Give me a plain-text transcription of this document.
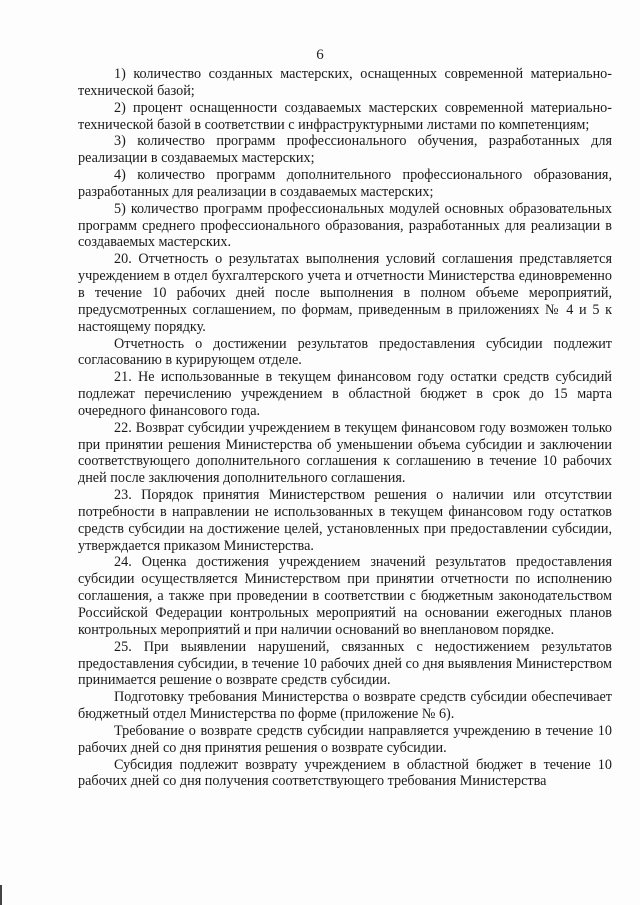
6

1) количество созданных мастерских, оснащенных современной материально-технической базой;

2) процент оснащенности создаваемых мастерских современной материально-технической базой в соответствии с инфраструктурными листами по компетенциям;

3) количество программ профессионального обучения, разработанных для реализации в создаваемых мастерских;

4) количество программ дополнительного профессионального образования, разработанных для реализации в создаваемых мастерских;

5) количество программ профессиональных модулей основных образовательных программ среднего профессионального образования, разработанных для реализации в создаваемых мастерских.

20. Отчетность о результатах выполнения условий соглашения представляется учреждением в отдел бухгалтерского учета и отчетности Министерства единовременно в течение 10 рабочих дней после выполнения в полном объеме мероприятий, предусмотренных соглашением, по формам, приведенным в приложениях № 4 и 5 к настоящему порядку.

Отчетность о достижении результатов предоставления субсидии подлежит согласованию в курирующем отделе.

21. Не использованные в текущем финансовом году остатки средств субсидий подлежат перечислению учреждением в областной бюджет в срок до 15 марта очередного финансового года.

22. Возврат субсидии учреждением в текущем финансовом году возможен только при принятии решения Министерства об уменьшении объема субсидии и заключении соответствующего дополнительного соглашения к соглашению в течение 10 рабочих дней после заключения дополнительного соглашения.

23. Порядок принятия Министерством решения о наличии или отсутствии потребности в направлении не использованных в текущем финансовом году остатков средств субсидии на достижение целей, установленных при предоставлении субсидии, утверждается приказом Министерства.

24. Оценка достижения учреждением значений результатов предоставления субсидии осуществляется Министерством при принятии отчетности по исполнению соглашения, а также при проведении в соответствии с бюджетным законодательством Российской Федерации контрольных мероприятий на основании ежегодных планов контрольных мероприятий и при наличии оснований во внеплановом порядке.

25. При выявлении нарушений, связанных с недостижением результатов предоставления субсидии, в течение 10 рабочих дней со дня выявления Министерством принимается решение о возврате средств субсидии.

Подготовку требования Министерства о возврате средств субсидии обеспечивает бюджетный отдел Министерства по форме (приложение № 6).

Требование о возврате средств субсидии направляется учреждению в течение 10 рабочих дней со дня принятия решения о возврате субсидии.

Субсидия подлежит возврату учреждением в областной бюджет в течение 10 рабочих дней со дня получения соответствующего требования Министерства
